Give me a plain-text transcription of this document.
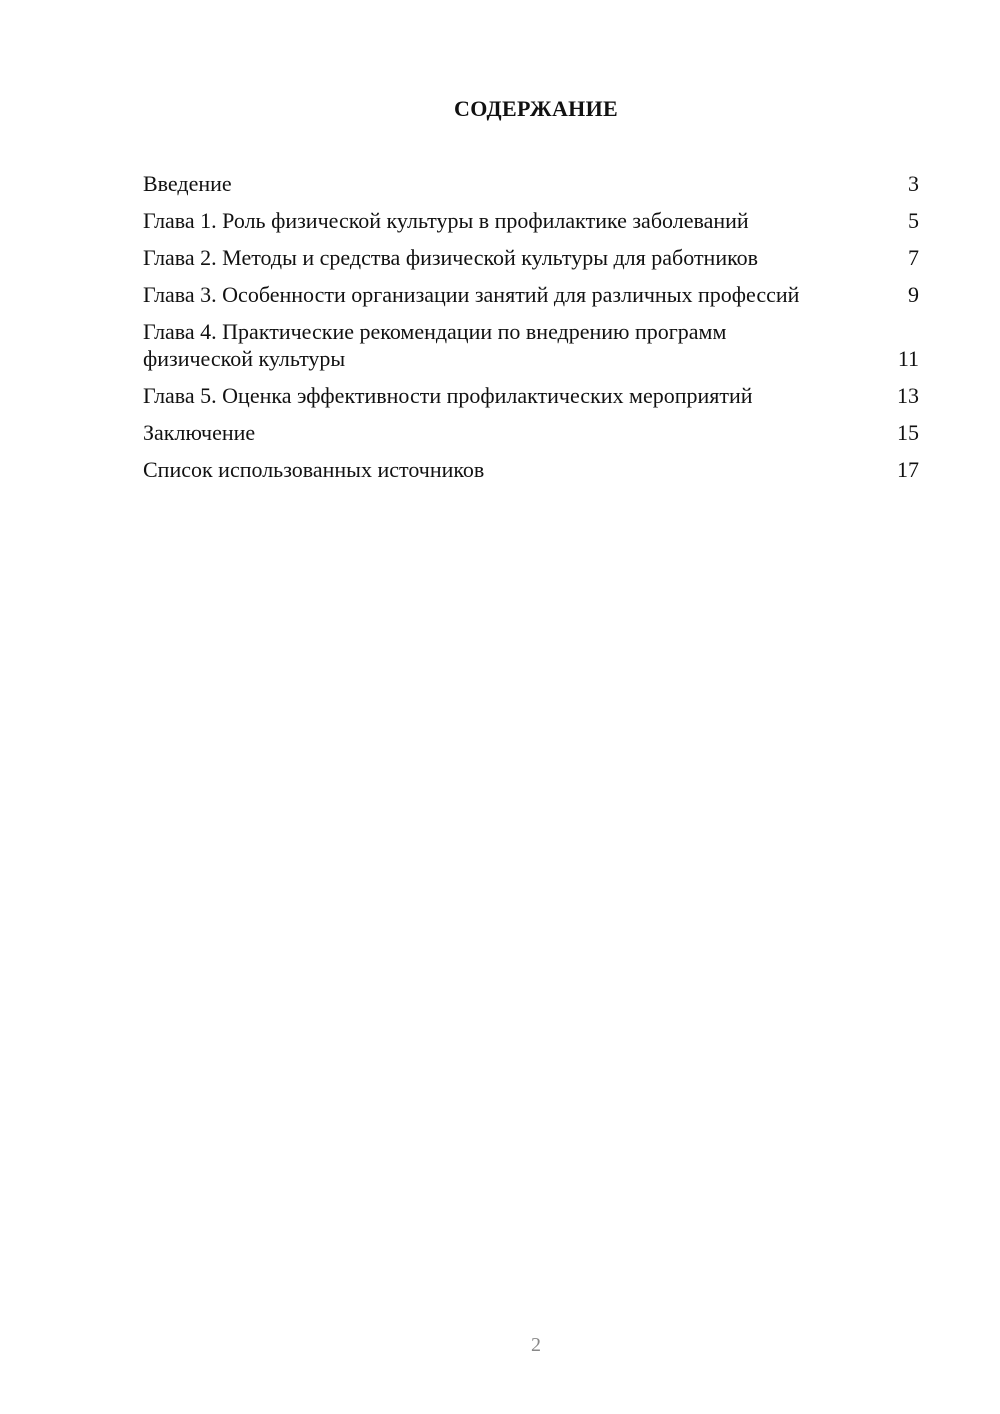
СОДЕРЖАНИЕ
Введение	3
Глава 1. Роль физической культуры в профилактике заболеваний	5
Глава 2. Методы и средства физической культуры для работников	7
Глава 3. Особенности организации занятий для различных профессий	9
Глава 4. Практические рекомендации по внедрению программ физической культуры	11
Глава 5. Оценка эффективности профилактических мероприятий	13
Заключение	15
Список использованных источников	17
2
